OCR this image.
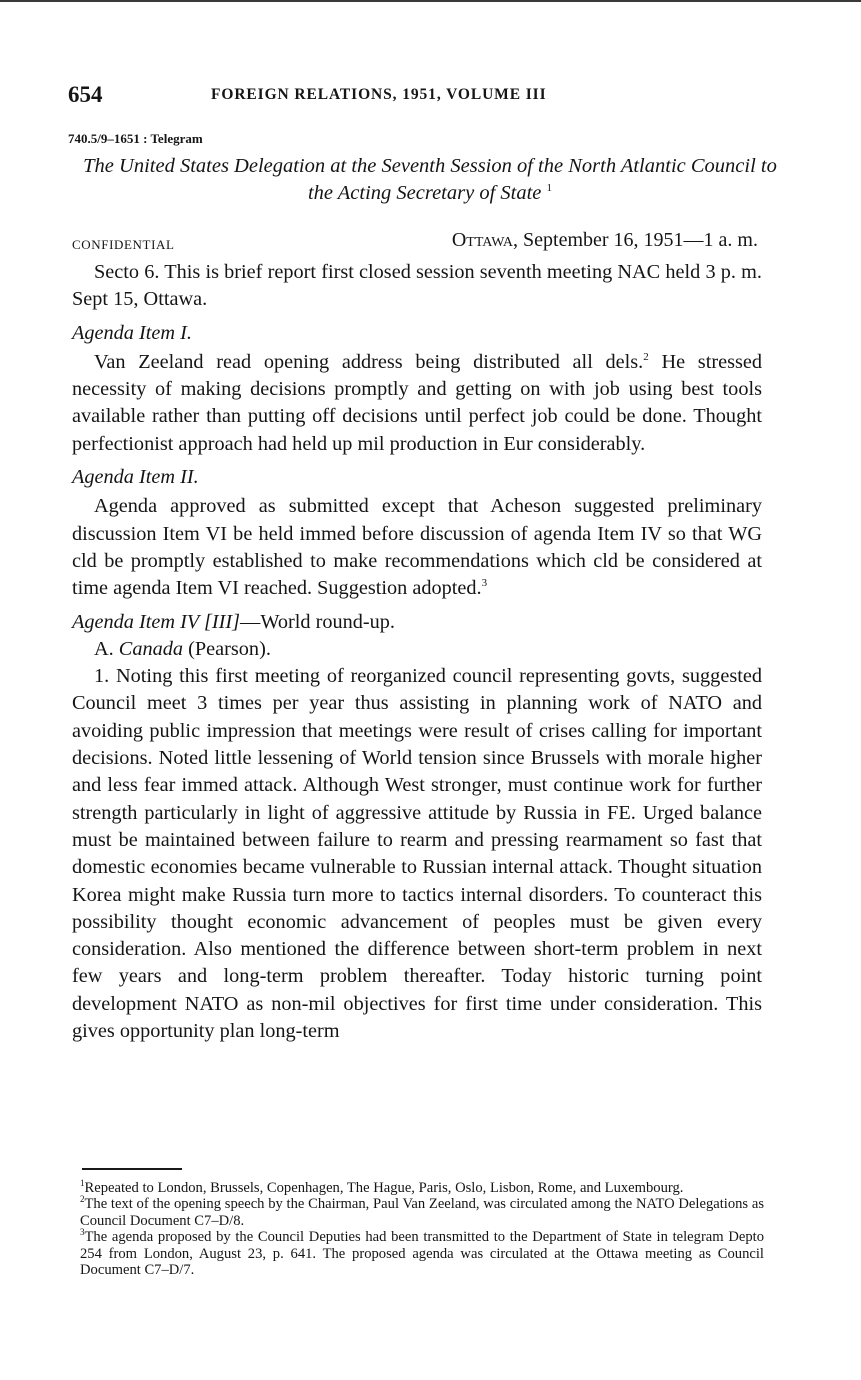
654	FOREIGN RELATIONS, 1951, VOLUME III
740.5/9–1651 : Telegram
The United States Delegation at the Seventh Session of the North Atlantic Council to the Acting Secretary of State $^1$
CONFIDENTIAL	Ottawa, September 16, 1951—1 a. m.

Secto 6. This is brief report first closed session seventh meeting NAC held 3 p. m. Sept 15, Ottawa.

Agenda Item I.

Van Zeeland read opening address being distributed all dels.$^2$ He stressed necessity of making decisions promptly and getting on with job using best tools available rather than putting off decisions until perfect job could be done. Thought perfectionist approach had held up mil production in Eur considerably.

Agenda Item II.

Agenda approved as submitted except that Acheson suggested preliminary discussion Item VI be held immed before discussion of agenda Item IV so that WG cld be promptly established to make recommendations which cld be considered at time agenda Item VI reached. Suggestion adopted.$^3$

Agenda Item IV [III]—World round-up.

A. Canada (Pearson).

1. Noting this first meeting of reorganized council representing govts, suggested Council meet 3 times per year thus assisting in planning work of NATO and avoiding public impression that meetings were result of crises calling for important decisions. Noted little lessening of World tension since Brussels with morale higher and less fear immed attack. Although West stronger, must continue work for further strength particularly in light of aggressive attitude by Russia in FE. Urged balance must be maintained between failure to rearm and pressing rearmament so fast that domestic economies became vulnerable to Russian internal attack. Thought situation Korea might make Russia turn more to tactics internal disorders. To counteract this possibility thought economic advancement of peoples must be given every consideration. Also mentioned the difference between short-term problem in next few years and long-term problem thereafter. Today historic turning point development NATO as non-mil objectives for first time under consideration. This gives opportunity plan long-term

$^1$Repeated to London, Brussels, Copenhagen, The Hague, Paris, Oslo, Lisbon, Rome, and Luxembourg.

$^2$The text of the opening speech by the Chairman, Paul Van Zeeland, was circulated among the NATO Delegations as Council Document C7–D/8.

$^3$The agenda proposed by the Council Deputies had been transmitted to the Department of State in telegram Depto 254 from London, August 23, p. 641. The proposed agenda was circulated at the Ottawa meeting as Council Document C7–D/7.
